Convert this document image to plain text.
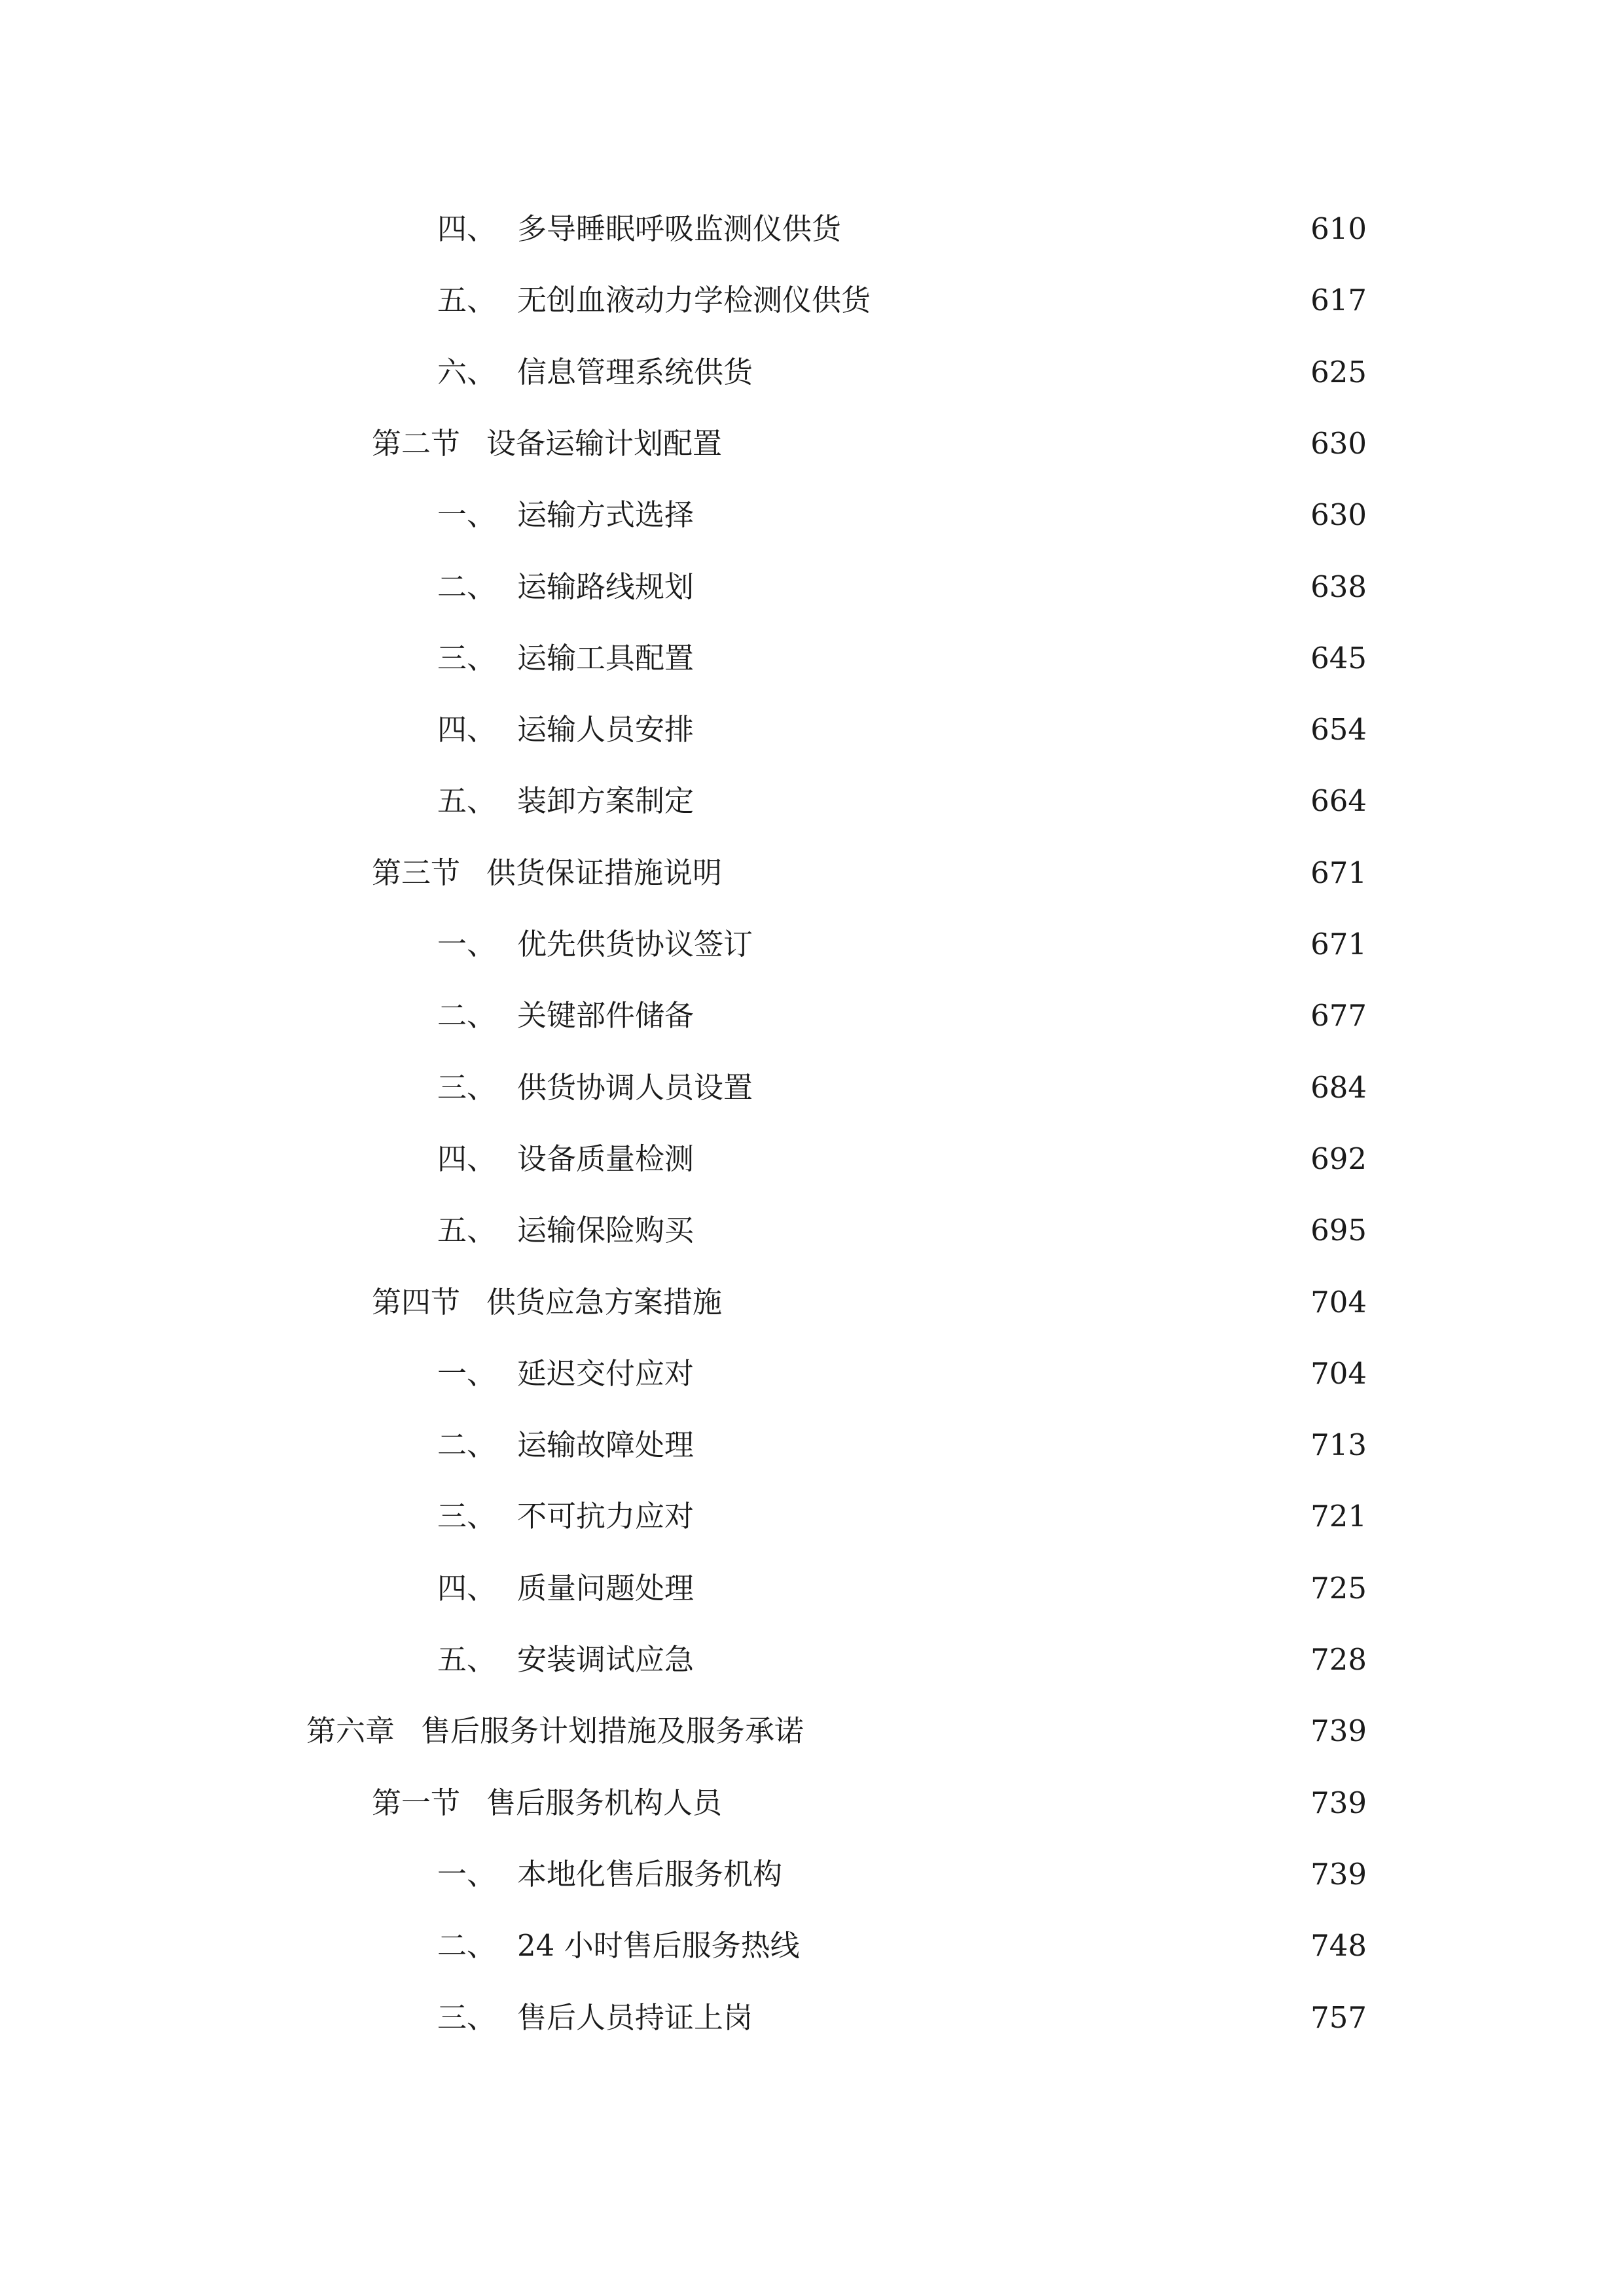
四、 多导睡眠呼吸监测仪供货	610
五、 无创血液动力学检测仪供货	617
六、 信息管理系统供货	625
第二节 设备运输计划配置	630
一、 运输方式选择	630
二、 运输路线规划	638
三、 运输工具配置	645
四、 运输人员安排	654
五、 装卸方案制定	664
第三节 供货保证措施说明	671
一、 优先供货协议签订	671
二、 关键部件储备	677
三、 供货协调人员设置	684
四、 设备质量检测	692
五、 运输保险购买	695
第四节 供货应急方案措施	704
一、 延迟交付应对	704
二、 运输故障处理	713
三、 不可抗力应对	721
四、 质量问题处理	725
五、 安装调试应急	728
第六章 售后服务计划措施及服务承诺	739
第一节 售后服务机构人员	739
一、 本地化售后服务机构	739
二、 24 小时售后服务热线	748
三、 售后人员持证上岗	757
